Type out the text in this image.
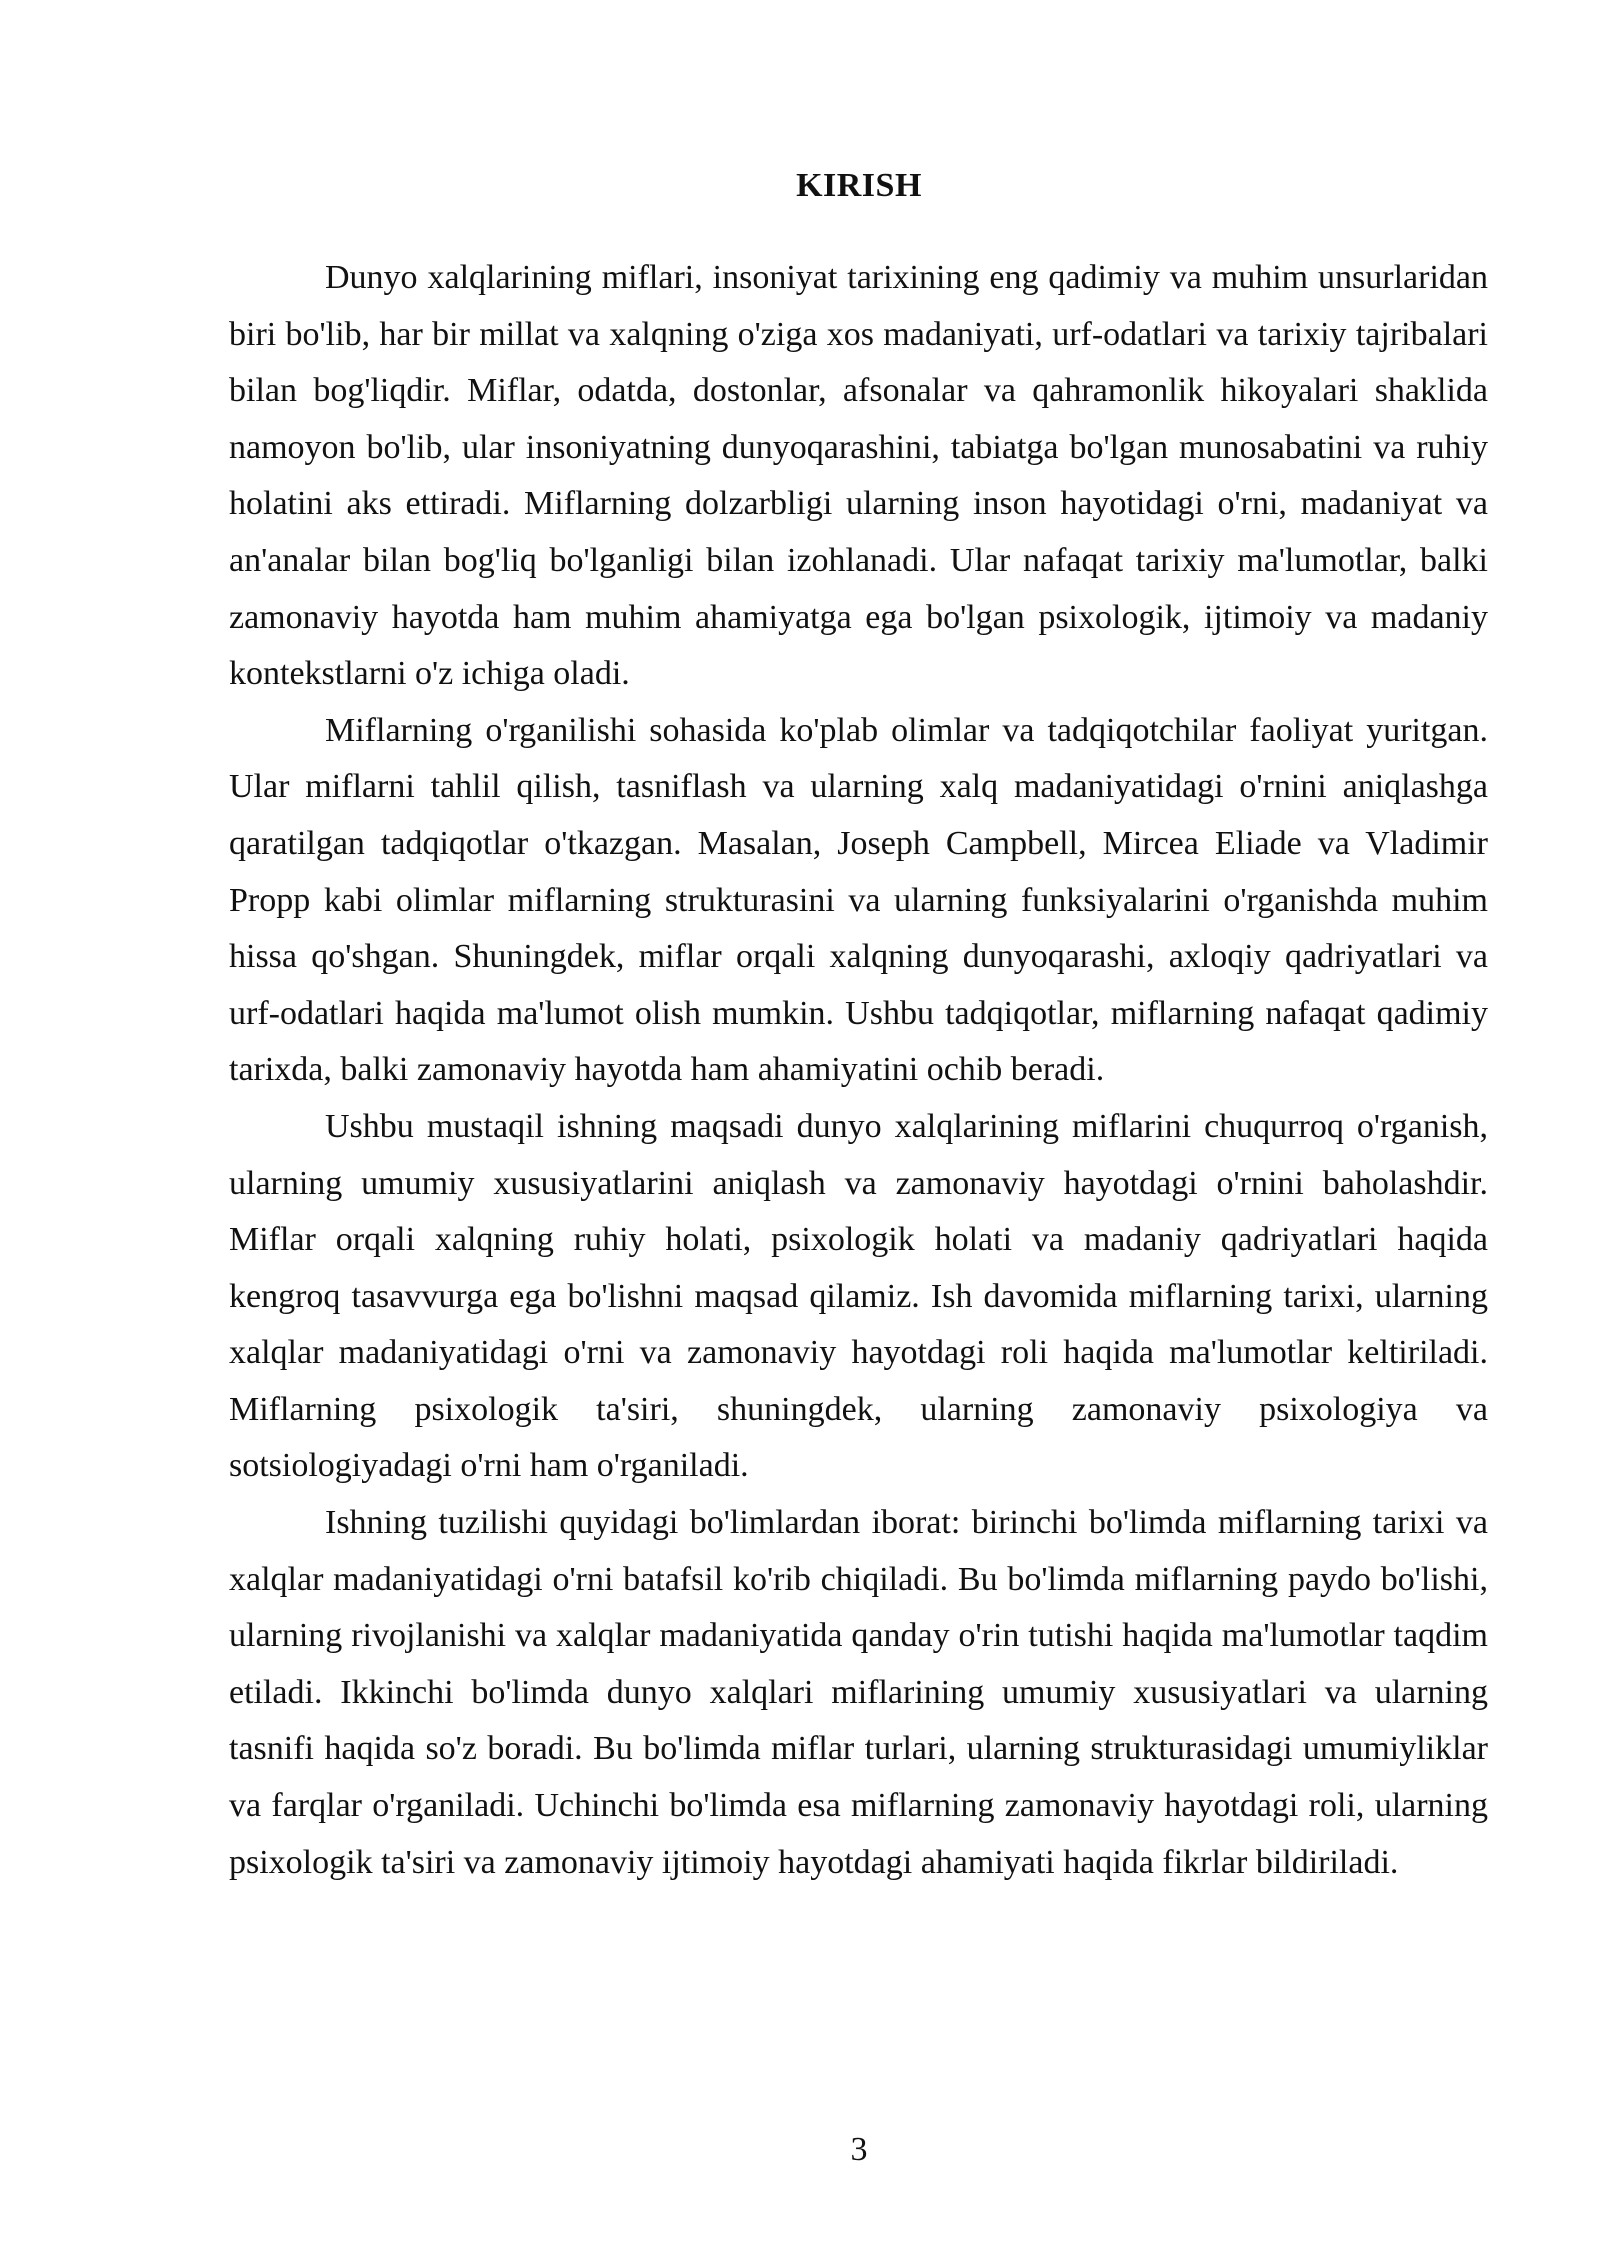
KIRISH

Dunyo xalqlarining miflari, insoniyat tarixining eng qadimiy va muhim unsurlaridan biri bo'lib, har bir millat va xalqning o'ziga xos madaniyati, urf-odatlari va tarixiy tajribalari bilan bog'liqdir. Miflar, odatda, dostonlar, afsonalar va qahramonlik hikoyalari shaklida namoyon bo'lib, ular insoniyatning dunyoqarashini, tabiatga bo'lgan munosabatini va ruhiy holatini aks ettiradi. Miflarning dolzarbligi ularning inson hayotidagi o'rni, madaniyat va an'analar bilan bog'liq bo'lganligi bilan izohlanadi. Ular nafaqat tarixiy ma'lumotlar, balki zamonaviy hayotda ham muhim ahamiyatga ega bo'lgan psixologik, ijtimoiy va madaniy kontekstlarni o'z ichiga oladi.

Miflarning o'rganilishi sohasida ko'plab olimlar va tadqiqotchilar faoliyat yuritgan. Ular miflarni tahlil qilish, tasniflash va ularning xalq madaniyatidagi o'rnini aniqlashga qaratilgan tadqiqotlar o'tkazgan. Masalan, Joseph Campbell, Mircea Eliade va Vladimir Propp kabi olimlar miflarning strukturasini va ularning funksiyalarini o'rganishda muhim hissa qo'shgan. Shuningdek, miflar orqali xalqning dunyoqarashi, axloqiy qadriyatlari va urf-odatlari haqida ma'lumot olish mumkin. Ushbu tadqiqotlar, miflarning nafaqat qadimiy tarixda, balki zamonaviy hayotda ham ahamiyatini ochib beradi.

Ushbu mustaqil ishning maqsadi dunyo xalqlarining miflarini chuqurroq o'rganish, ularning umumiy xususiyatlarini aniqlash va zamonaviy hayotdagi o'rnini baholashdir. Miflar orqali xalqning ruhiy holati, psixologik holati va madaniy qadriyatlari haqida kengroq tasavvurga ega bo'lishni maqsad qilamiz. Ish davomida miflarning tarixi, ularning xalqlar madaniyatidagi o'rni va zamonaviy hayotdagi roli haqida ma'lumotlar keltiriladi. Miflarning psixologik ta'siri, shuningdek, ularning zamonaviy psixologiya va sotsiologiyadagi o'rni ham o'rganiladi.

Ishning tuzilishi quyidagi bo'limlardan iborat: birinchi bo'limda miflarning tarixi va xalqlar madaniyatidagi o'rni batafsil ko'rib chiqiladi. Bu bo'limda miflarning paydo bo'lishi, ularning rivojlanishi va xalqlar madaniyatida qanday o'rin tutishi haqida ma'lumotlar taqdim etiladi. Ikkinchi bo'limda dunyo xalqlari miflarining umumiy xususiyatlari va ularning tasnifi haqida so'z boradi. Bu bo'limda miflar turlari, ularning strukturasidagi umumiyliklar va farqlar o'rganiladi. Uchinchi bo'limda esa miflarning zamonaviy hayotdagi roli, ularning psixologik ta'siri va zamonaviy ijtimoiy hayotdagi ahamiyati haqida fikrlar bildiriladi.

3
